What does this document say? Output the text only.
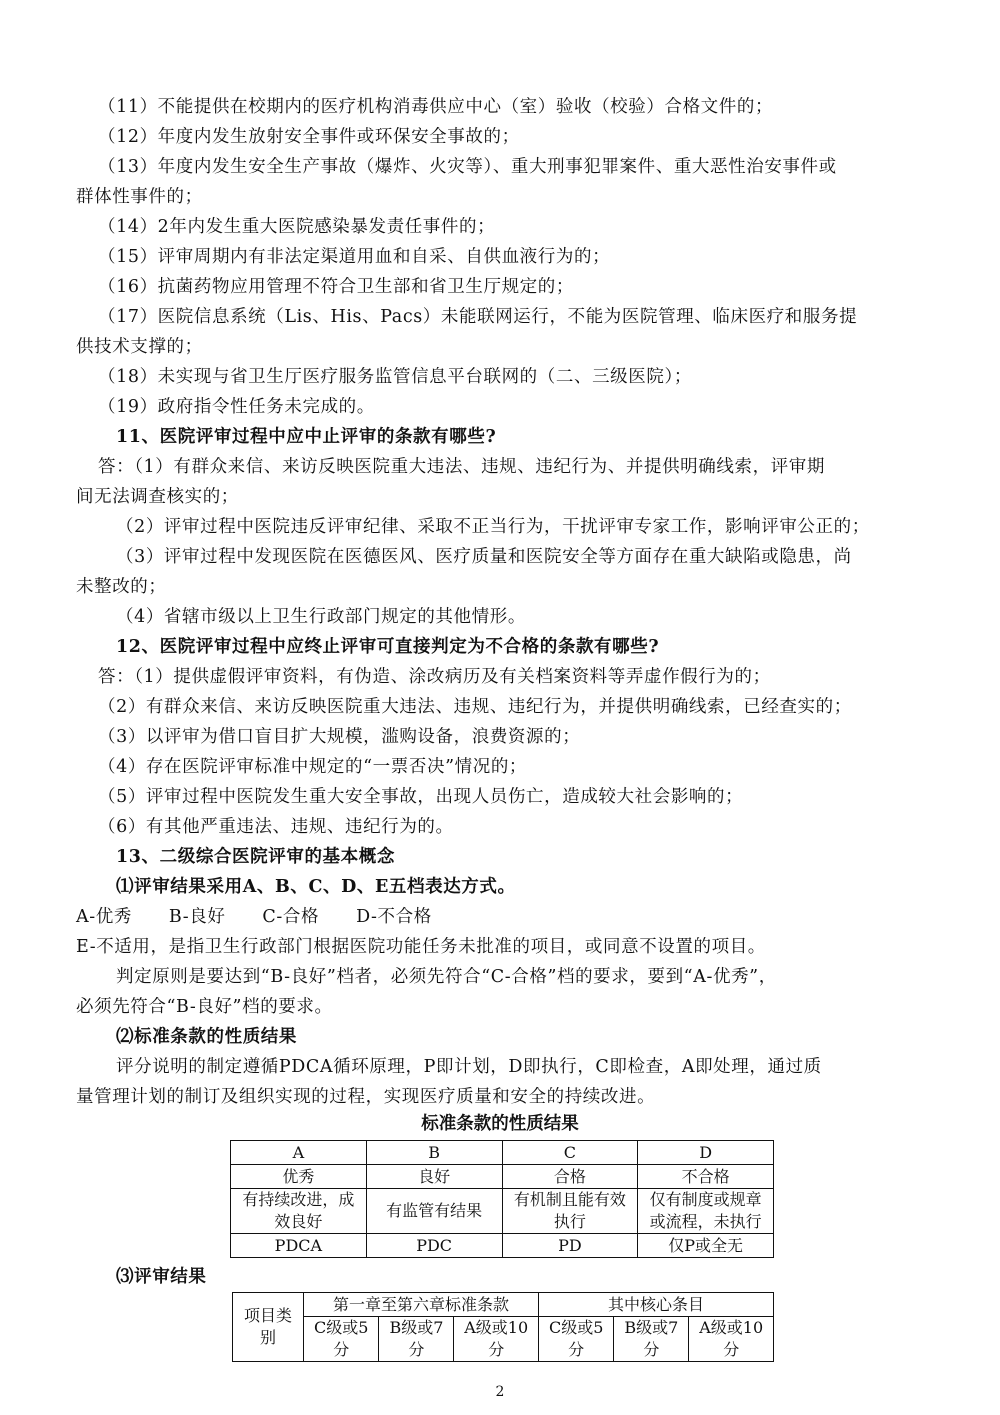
（11）不能提供在校期内的医疗机构消毒供应中心（室）验收（校验）合格文件的；
（12）年度内发生放射安全事件或环保安全事故的；
（13）年度内发生安全生产事故（爆炸、火灾等）、重大刑事犯罪案件、重大恶性治安事件或
群体性事件的；
（14）2年内发生重大医院感染暴发责任事件的；
（15）评审周期内有非法定渠道用血和自采、自供血液行为的；
（16）抗菌药物应用管理不符合卫生部和省卫生厅规定的；
（17）医院信息系统（Lis、His、Pacs）未能联网运行，不能为医院管理、临床医疗和服务提
供技术支撑的；
（18）未实现与省卫生厅医疗服务监管信息平台联网的（二、三级医院）；
（19）政府指令性任务未完成的。
11、医院评审过程中应中止评审的条款有哪些?
答：（1）有群众来信、来访反映医院重大违法、违规、违纪行为、并提供明确线索，评审期
间无法调查核实的；
（2）评审过程中医院违反评审纪律、采取不正当行为，干扰评审专家工作，影响评审公正的；
（3）评审过程中发现医院在医德医风、医疗质量和医院安全等方面存在重大缺陷或隐患，尚
未整改的；
（4）省辖市级以上卫生行政部门规定的其他情形。
12、医院评审过程中应终止评审可直接判定为不合格的条款有哪些?
答：（1）提供虚假评审资料，有伪造、涂改病历及有关档案资料等弄虚作假行为的；
（2）有群众来信、来访反映医院重大违法、违规、违纪行为，并提供明确线索，已经查实的；
（3）以评审为借口盲目扩大规模，滥购设备，浪费资源的；
（4）存在医院评审标准中规定的“一票否决”情况的；
（5）评审过程中医院发生重大安全事故，出现人员伤亡，造成较大社会影响的；
（6）有其他严重违法、违规、违纪行为的。
13、二级综合医院评审的基本概念
⑴评审结果采用A、B、C、D、E五档表达方式。
A-优秀      B-良好      C-合格      D-不合格
E-不适用，是指卫生行政部门根据医院功能任务未批准的项目，或同意不设置的项目。
判定原则是要达到“B-良好”档者，必须先符合“C-合格”档的要求，要到“A-优秀”，
必须先符合“B-良好”档的要求。
⑵标准条款的性质结果
评分说明的制定遵循PDCA循环原理，P即计划，D即执行，C即检查，A即处理，通过质
量管理计划的制订及组织实现的过程，实现医疗质量和安全的持续改进。
标准条款的性质结果
A	B	C	D
优秀	良好	合格	不合格
有持续改进，成效良好	有监管有结果	有机制且能有效执行	仅有制度或规章或流程，未执行
PDCA	PDC	PD	仅P或全无
⑶评审结果
项目类别	第一章至第六章标准条款			其中核心条目		
	C级或5分	B级或7分	A级或10分	C级或5分	B级或7分	A级或10分
2
